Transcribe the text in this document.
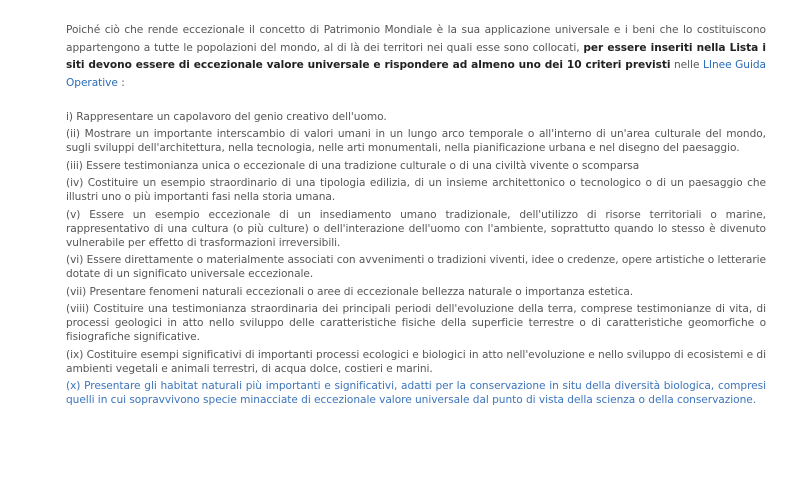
Poiché ciò che rende eccezionale il concetto di Patrimonio Mondiale è la sua applicazione universale e i beni che lo costituiscono appartengono a tutte le popolazioni del mondo, al di là dei territori nei quali esse sono collocati, per essere inseriti nella Lista i siti devono essere di eccezionale valore universale e rispondere ad almeno uno dei 10 criteri previsti nelle LInee Guida Operative :

i) Rappresentare un capolavoro del genio creativo dell'uomo.
(ii) Mostrare un importante interscambio di valori umani in un lungo arco temporale o all'interno di un'area culturale del mondo, sugli sviluppi dell'architettura, nella tecnologia, nelle arti monumentali, nella pianificazione urbana e nel disegno del paesaggio.
(iii) Essere testimonianza unica o eccezionale di una tradizione culturale o di una civiltà vivente o scomparsa
(iv) Costituire un esempio straordinario di una tipologia edilizia, di un insieme architettonico o tecnologico o di un paesaggio che illustri uno o più importanti fasi nella storia umana.
(v) Essere un esempio eccezionale di un insediamento umano tradizionale, dell'utilizzo di risorse territoriali o marine, rappresentativo di una cultura (o più culture) o dell'interazione dell'uomo con l'ambiente, soprattutto quando lo stesso è divenuto vulnerabile per effetto di trasformazioni irreversibili.
(vi) Essere direttamente o materialmente associati con avvenimenti o tradizioni viventi, idee o credenze, opere artistiche o letterarie dotate di un significato universale eccezionale.
(vii) Presentare fenomeni naturali eccezionali o aree di eccezionale bellezza naturale o importanza estetica.
(viii) Costituire una testimonianza straordinaria dei principali periodi dell'evoluzione della terra, comprese testimonianze di vita, di processi geologici in atto nello sviluppo delle caratteristiche fisiche della superficie terrestre o di caratteristiche geomorfiche o fisiografiche significative.
(ix) Costituire esempi significativi di importanti processi ecologici e biologici in atto nell'evoluzione e nello sviluppo di ecosistemi e di ambienti vegetali e animali terrestri, di acqua dolce, costieri e marini.
(x) Presentare gli habitat naturali più importanti e significativi, adatti per la conservazione in situ della diversità biologica, compresi quelli in cui sopravvivono specie minacciate di eccezionale valore universale dal punto di vista della scienza o della conservazione.
